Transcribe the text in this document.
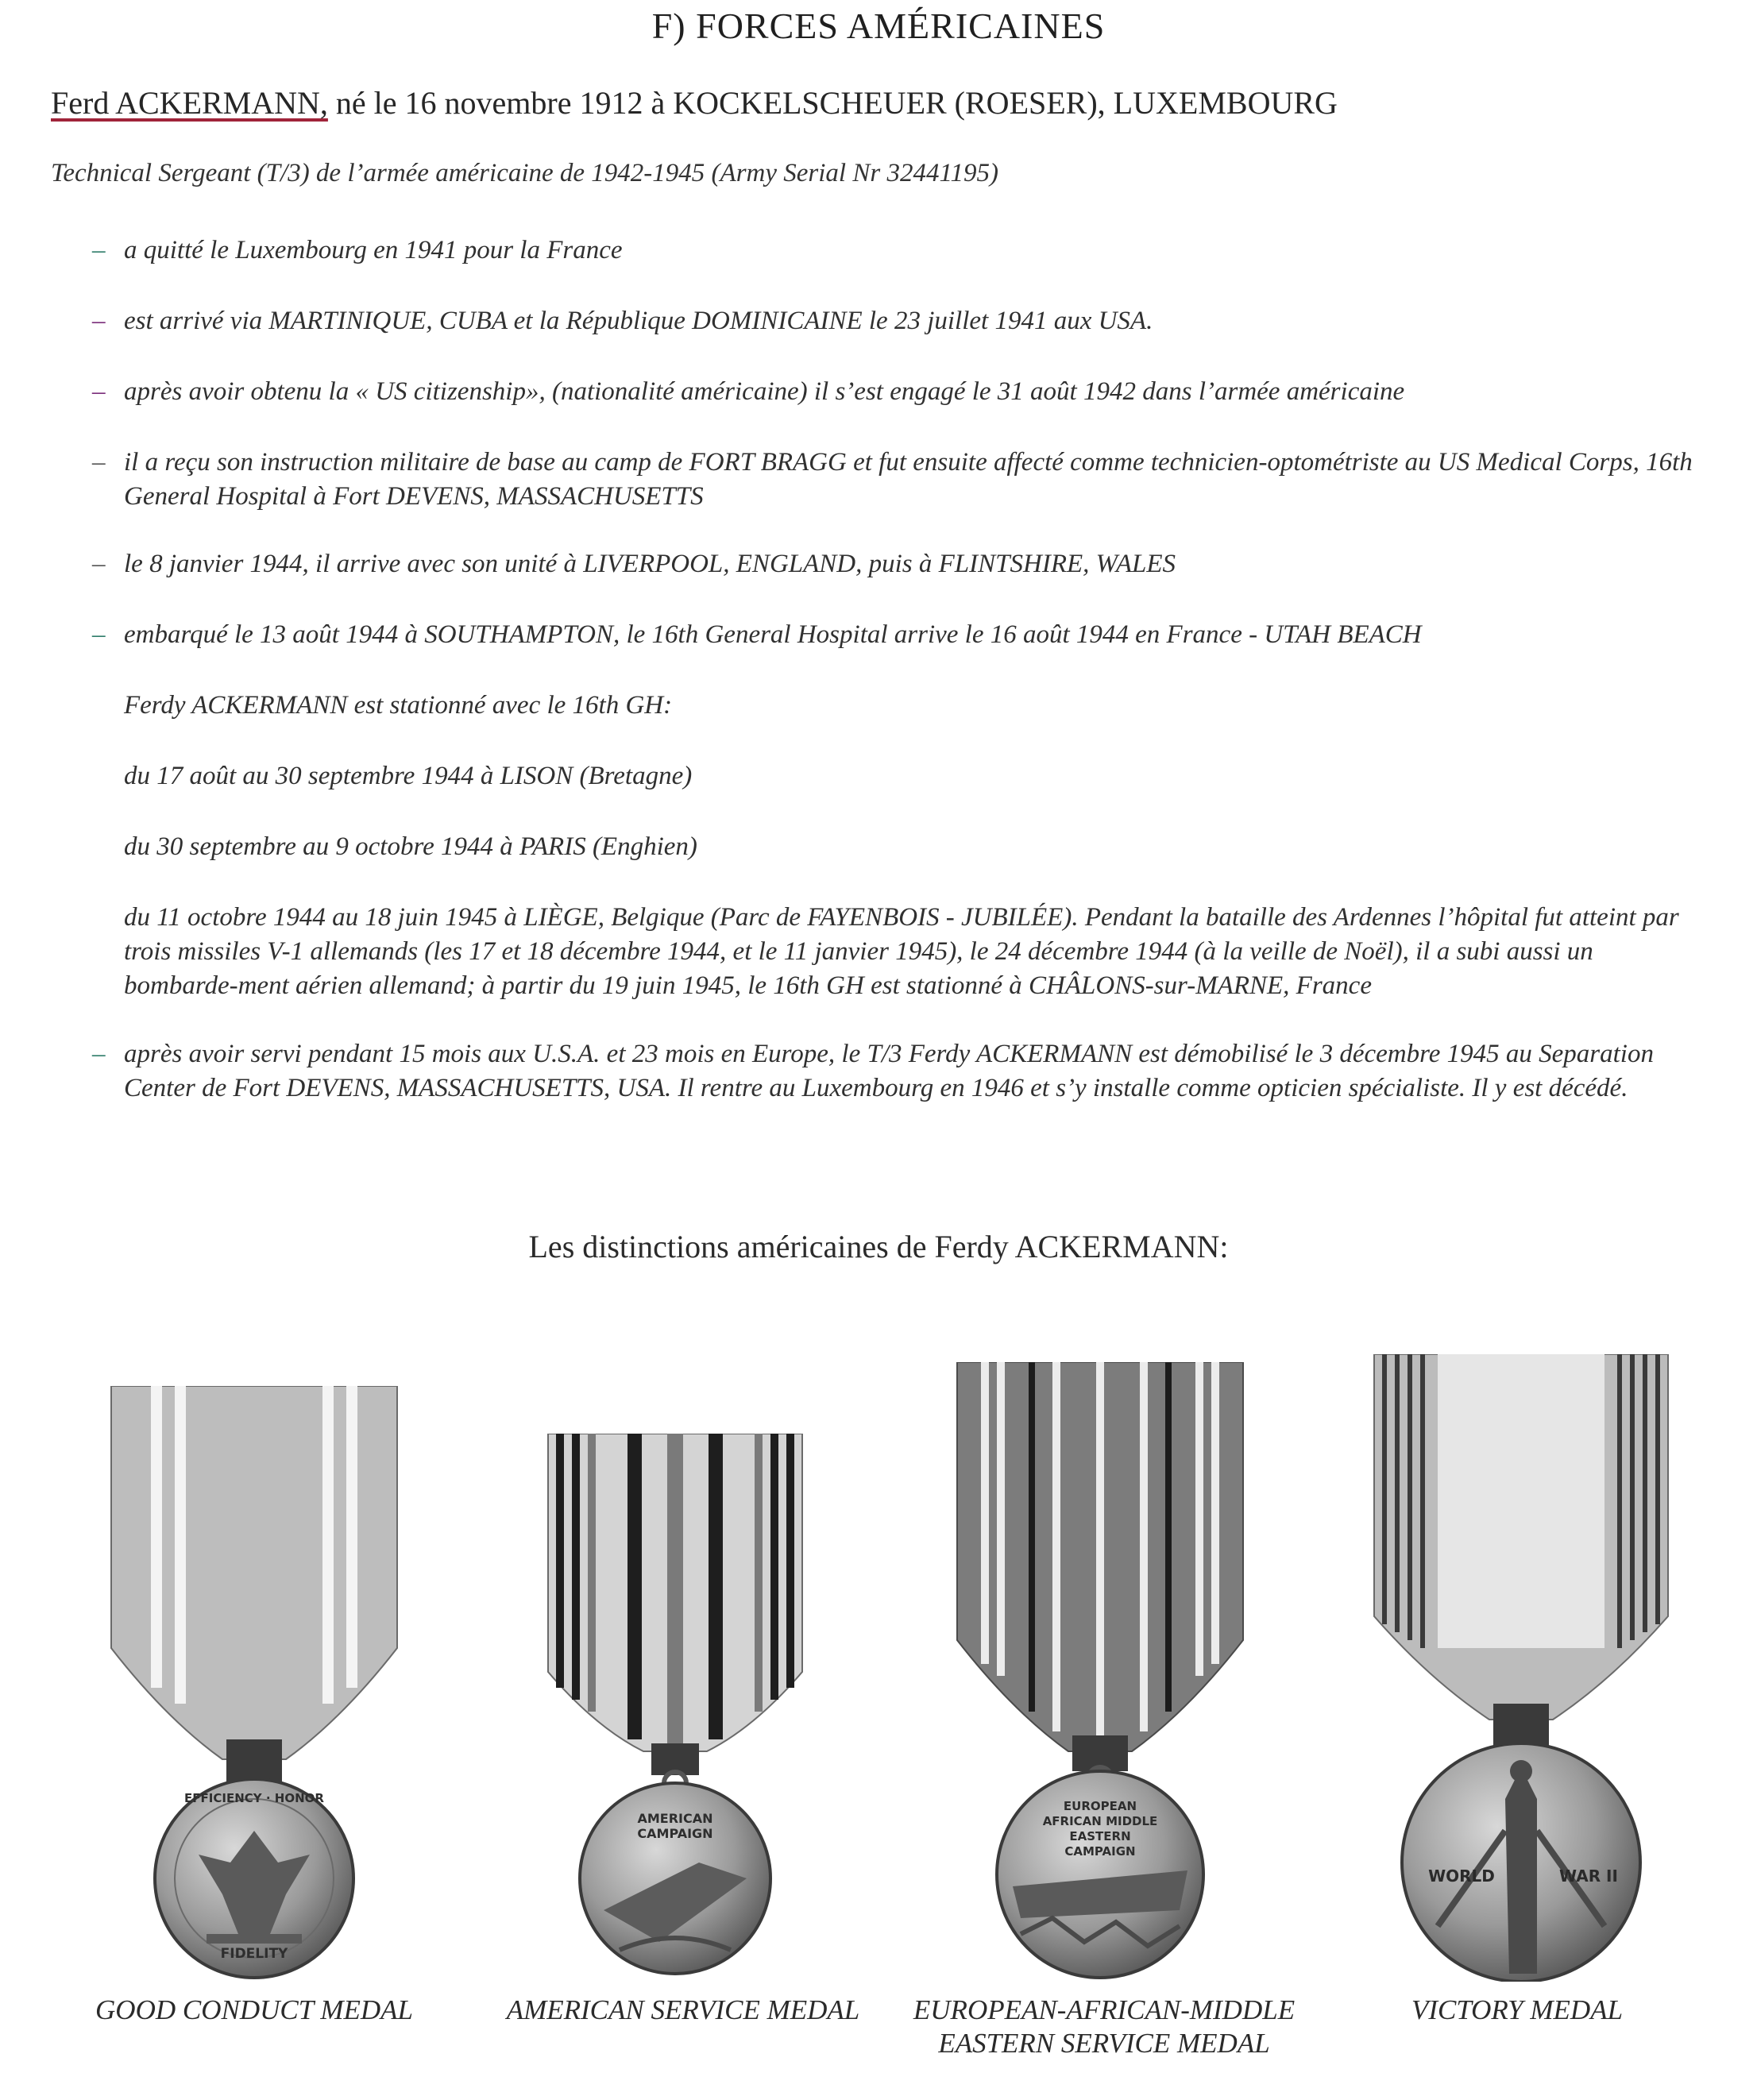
F) FORCES AMÉRICAINES
Ferd ACKERMANN, né le 16 novembre 1912 à KOCKELSCHEUER (ROESER), LUXEMBOURG
Technical Sergeant (T/3) de l’armée américaine de 1942-1945 (Army Serial Nr 32441195)
– a quitté le Luxembourg en 1941 pour la France
– est arrivé via MARTINIQUE, CUBA et la République DOMINICAINE le 23 juillet 1941 aux USA.
– après avoir obtenu la « US citizenship», (nationalité américaine) il s’est engagé le 31 août 1942 dans l’armée américaine
– il a reçu son instruction militaire de base au camp de FORT BRAGG et fut ensuite affecté comme technicien-optométriste au US Medical Corps, 16th General Hospital à Fort DEVENS, MASSACHUSETTS
– le 8 janvier 1944, il arrive avec son unité à LIVERPOOL, ENGLAND, puis à FLINTSHIRE, WALES
– embarqué le 13 août 1944 à SOUTHAMPTON, le 16th General Hospital arrive le 16 août 1944 en France - UTAH BEACH
Ferdy ACKERMANN est stationné avec le 16th GH:
du 17 août au 30 septembre 1944 à LISON (Bretagne)
du 30 septembre au 9 octobre 1944 à PARIS (Enghien)
du 11 octobre 1944 au 18 juin 1945 à LIÈGE, Belgique (Parc de FAYENBOIS - JUBILÉE). Pendant la bataille des Ardennes l’hôpital fut atteint par trois missiles V-1 allemands (les 17 et 18 décembre 1944, et le 11 janvier 1945), le 24 décembre 1944 (à la veille de Noël), il a subi aussi un bombarde-ment aérien allemand; à partir du 19 juin 1945, le 16th GH est stationné à CHÂLONS-sur-MARNE, France
– après avoir servi pendant 15 mois aux U.S.A. et 23 mois en Europe, le T/3 Ferdy ACKERMANN est démobilisé le 3 décembre 1945 au Separation Center de Fort DEVENS, MASSACHUSETTS, USA. Il rentre au Luxembourg en 1946 et s’y installe comme opticien spécialiste. Il y est décédé.
Les distinctions américaines de Ferdy ACKERMANN:
EFFICIENCY · HONOR
FIDELITY
GOOD CONDUCT MEDAL
AMERICAN CAMPAIGN
AMERICAN SERVICE MEDAL
EUROPEAN AFRICAN MIDDLE EASTERN CAMPAIGN
EUROPEAN-AFRICAN-MIDDLE EASTERN SERVICE MEDAL
WORLD	WAR II
VICTORY MEDAL
